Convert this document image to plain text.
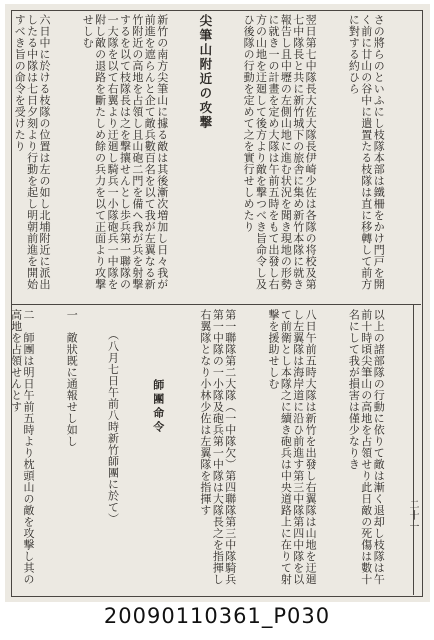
さの將らのといふにし枝隊本部は鐵柵をかけ門戸を開く前に廿山の谷中に遣置たる枝隊は直に移轉して前方に對する約ひら

翌日第七中隊長大佐大隊長伊崎少佐は各隊の将校及第七中隊長と共に新竹城下の旅舎に集め新竹本隊に就き報告し且中壢の左側山地に進む状況を聞き現地の形勢に就き一の計畫を定め大隊は午前五時をもて出發し右方の山地を迂廻して後方より敵を撃つべき旨命令し及ひ後隊の行動を定めて之を實行せしめたり

尖筆山附近の攻撃

新竹の南方尖筆山に據る敵は其後漸次増加し日々我が前進を遮らんと企て敵兵數百名を以て我が左翼なる新竹附近の高地を占領し且山砲二門を備へ我が兵を射撃するを以て枝隊長は之を撃攘せんとし歩兵第一聯隊の一大隊を以て右翼より迂廻し騎兵一小隊砲兵一中隊を附し敵の退路を斷たしめ餘の兵力を以て正面より攻撃せしむ

六日中に於ける枝隊の位置は左の如し北埔附近に派出したる中隊は七日夕刻より行動を起し明朝前進を開始すべき旨の命令を受けたり

以上の諸部隊の行動に依りて敵は漸く退却し枝隊は午前十時頃尖筆山の高地を占領せり此日敵の死傷は數十名にして我が損害は僅少なりき

八日午前五時大隊は新竹を出發し右翼隊は山地を迂廻し左翼隊は海岸道に沿ひ前進す第三中隊第四中隊を以て前衛とし本隊之に續き砲兵は中央道路上に在りて射撃を援助せしむ

第一聯隊第二大隊（一中隊欠）第四聯隊第三中隊騎兵第一中隊の一小隊及砲兵第一中隊は大隊長之を指揮し右翼隊となり小林少佐は左翼隊を指揮す

師團命令

（八月七日午前八時新竹師團に於て）

一　敵狀既に通報せし如し

二　師團は明日午前五時より枕頭山の敵を攻撃し其の高地を占領せんとす

二十一
20090110361_P030
